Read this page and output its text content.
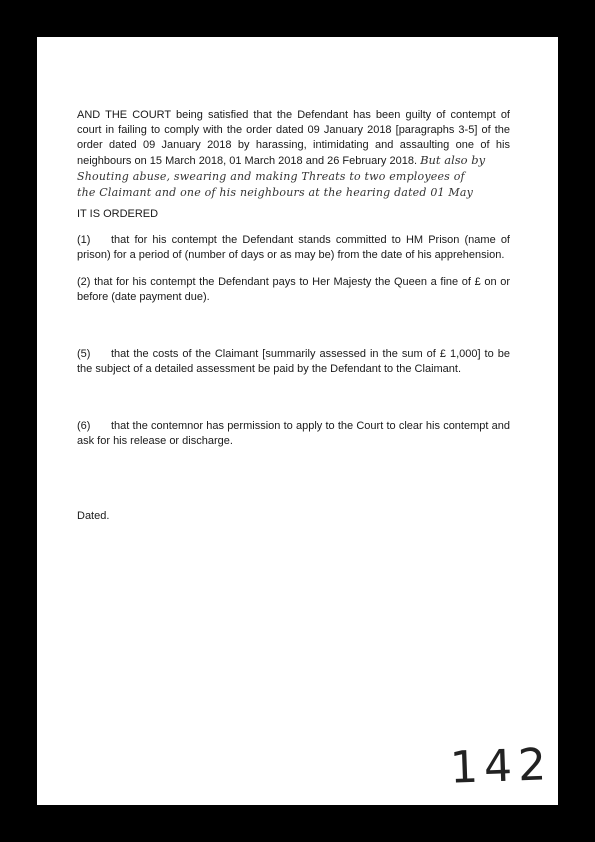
AND THE COURT being satisfied that the Defendant has been guilty of contempt of court in failing to comply with the order dated 09 January 2018 [paragraphs 3-5] of the order dated 09 January 2018 by harassing, intimidating and assaulting one of his neighbours on 15 March 2018, 01 March 2018 and 26 February 2018. But also by

Shouting abuse, swearing and making Threats to two employees of
the Claimant and one of his neighbours at the hearing dated 01 May

IT IS ORDERED

(1) that for his contempt the Defendant stands committed to HM Prison (name of prison) for a period of (number of days or as may be) from the date of his apprehension.

(2) that for his contempt the Defendant pays to Her Majesty the Queen a fine of £ on or before (date payment due).

(5) that the costs of the Claimant [summarily assessed in the sum of £ 1,000] to be the subject of a detailed assessment be paid by the Defendant to the Claimant.

(6) that the contemnor has permission to apply to the Court to clear his contempt and ask for his release or discharge.

Dated.

142
